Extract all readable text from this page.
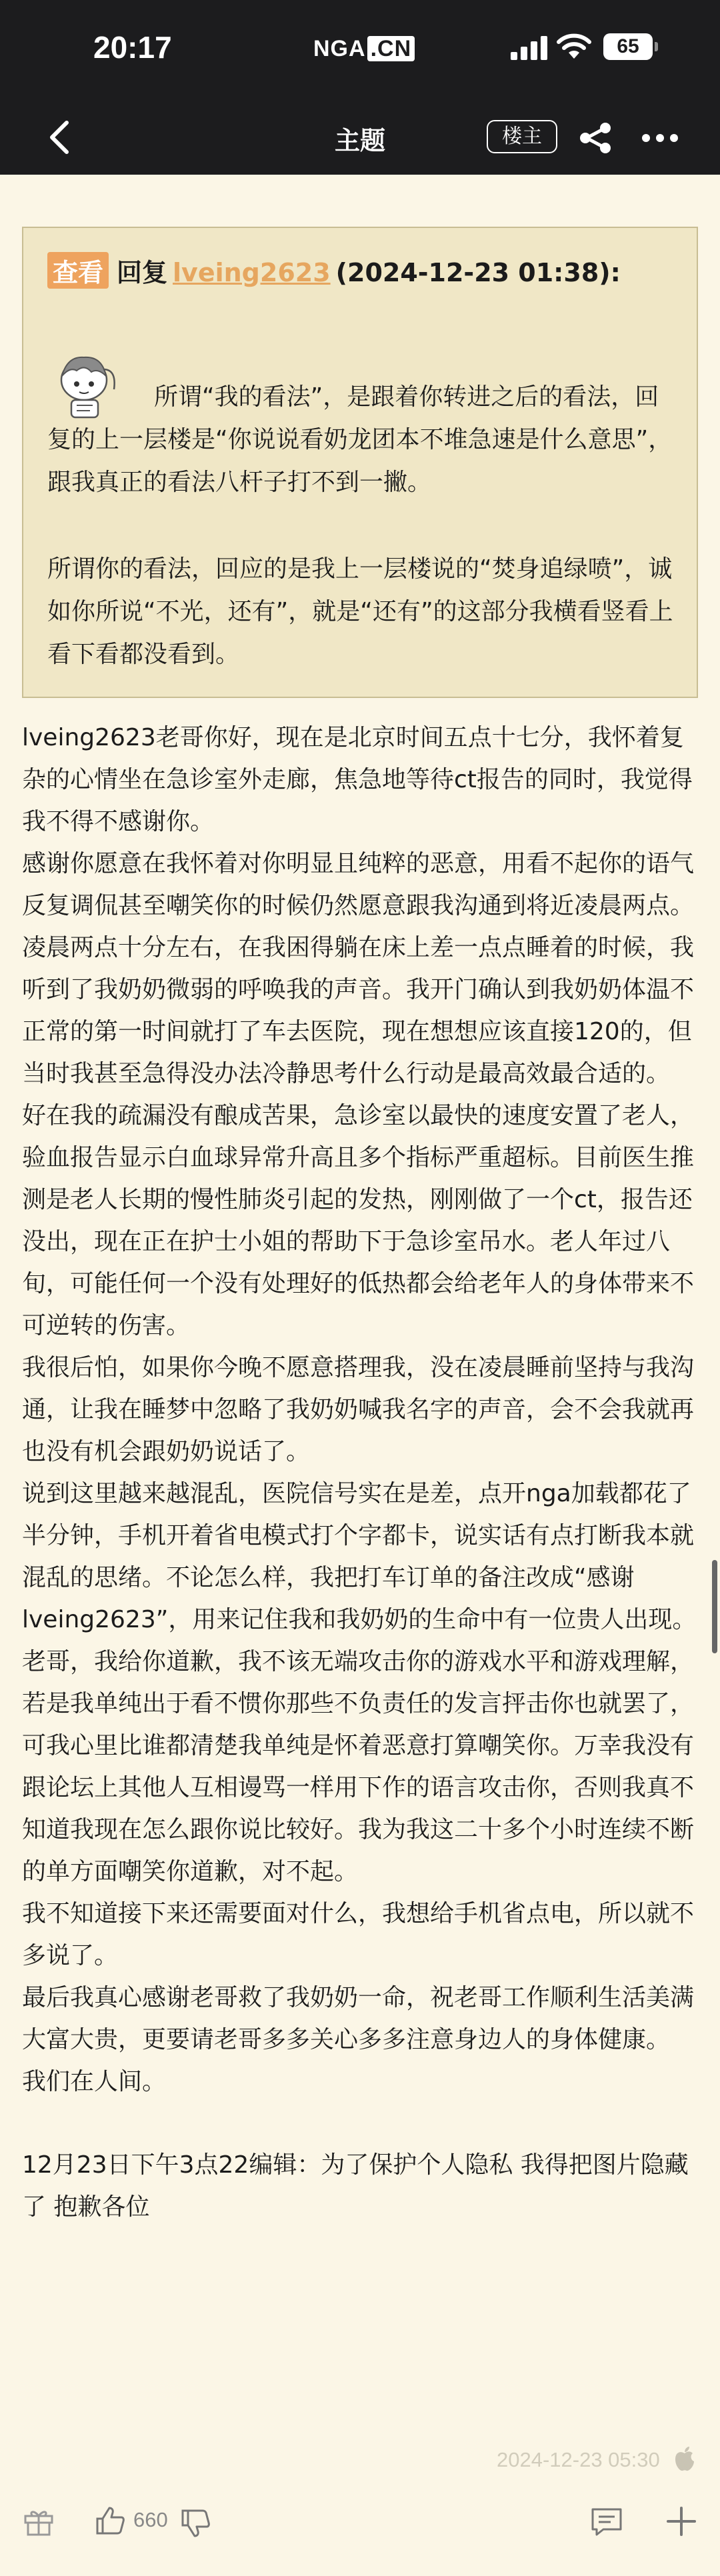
20:17	NGA .CN	65
主题	楼主
查看 回复 lveing2623 (2024-12-23 01:38):
所谓“我的看法”，是跟着你转进之后的看法，回复的上一层楼是“你说说看奶龙团本不堆急速是什么意思”，跟我真正的看法八杆子打不到一撇。
所谓你的看法，回应的是我上一层楼说的“焚身追绿喷”，诚如你所说“不光，还有”，就是“还有”的这部分我横看竖看上看下看都没看到。

lveing2623老哥你好，现在是北京时间五点十七分，我怀着复杂的心情坐在急诊室外走廊，焦急地等待ct报告的同时，我觉得我不得不感谢你。

感谢你愿意在我怀着对你明显且纯粹的恶意，用看不起你的语气反复调侃甚至嘲笑你的时候仍然愿意跟我沟通到将近凌晨两点。

凌晨两点十分左右，在我困得躺在床上差一点点睡着的时候，我听到了我奶奶微弱的呼唤我的声音。我开门确认到我奶奶体温不正常的第一时间就打了车去医院，现在想想应该直接120的，但当时我甚至急得没办法冷静思考什么行动是最高效最合适的。

好在我的疏漏没有酿成苦果，急诊室以最快的速度安置了老人，验血报告显示白血球异常升高且多个指标严重超标。目前医生推测是老人长期的慢性肺炎引起的发热，刚刚做了一个ct，报告还没出，现在正在护士小姐的帮助下于急诊室吊水。老人年过八旬，可能任何一个没有处理好的低热都会给老年人的身体带来不可逆转的伤害。

我很后怕，如果你今晚不愿意搭理我，没在凌晨睡前坚持与我沟通，让我在睡梦中忽略了我奶奶喊我名字的声音，会不会我就再也没有机会跟奶奶说话了。

说到这里越来越混乱，医院信号实在是差，点开nga加载都花了半分钟，手机开着省电模式打个字都卡，说实话有点打断我本就混乱的思绪。不论怎么样，我把打车订单的备注改成“感谢lveing2623”，用来记住我和我奶奶的生命中有一位贵人出现。

老哥，我给你道歉，我不该无端攻击你的游戏水平和游戏理解，若是我单纯出于看不惯你那些不负责任的发言抨击你也就罢了，可我心里比谁都清楚我单纯是怀着恶意打算嘲笑你。万幸我没有跟论坛上其他人互相谩骂一样用下作的语言攻击你，否则我真不知道我现在怎么跟你说比较好。我为我这二十多个小时连续不断的单方面嘲笑你道歉，对不起。

我不知道接下来还需要面对什么，我想给手机省点电，所以就不多说了。

最后我真心感谢老哥救了我奶奶一命，祝老哥工作顺利生活美满大富大贵，更要请老哥多多关心多多注意身边人的身体健康。

我们在人间。

12月23日下午3点22编辑：为了保护个人隐私 我得把图片隐藏了 抱歉各位

2024-12-23 05:30
660
